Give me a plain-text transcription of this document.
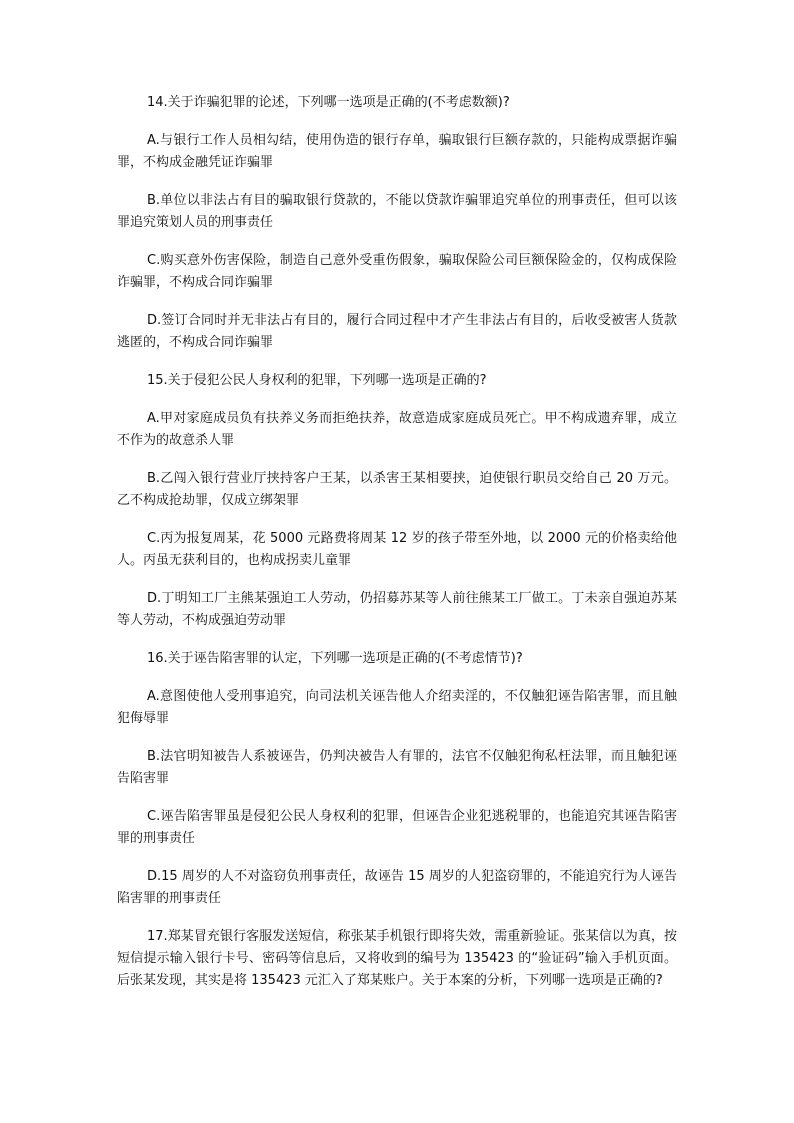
14.关于诈骗犯罪的论述，下列哪一选项是正确的(不考虑数额)?

A.与银行工作人员相勾结，使用伪造的银行存单，骗取银行巨额存款的，只能构成票据诈骗罪，不构成金融凭证诈骗罪

B.单位以非法占有目的骗取银行贷款的，不能以贷款诈骗罪追究单位的刑事责任，但可以该罪追究策划人员的刑事责任

C.购买意外伤害保险，制造自己意外受重伤假象，骗取保险公司巨额保险金的，仅构成保险诈骗罪，不构成合同诈骗罪

D.签订合同时并无非法占有目的，履行合同过程中才产生非法占有目的，后收受被害人货款逃匿的，不构成合同诈骗罪

15.关于侵犯公民人身权利的犯罪，下列哪一选项是正确的?

A.甲对家庭成员负有扶养义务而拒绝扶养，故意造成家庭成员死亡。甲不构成遗弃罪，成立不作为的故意杀人罪

B.乙闯入银行营业厅挟持客户王某，以杀害王某相要挟，迫使银行职员交给自己 20 万元。乙不构成抢劫罪，仅成立绑架罪

C.丙为报复周某，花 5000 元路费将周某 12 岁的孩子带至外地，以 2000 元的价格卖给他人。丙虽无获利目的，也构成拐卖儿童罪

D.丁明知工厂主熊某强迫工人劳动，仍招募苏某等人前往熊某工厂做工。丁未亲自强迫苏某等人劳动，不构成强迫劳动罪

16.关于诬告陷害罪的认定，下列哪一选项是正确的(不考虑情节)?

A.意图使他人受刑事追究，向司法机关诬告他人介绍卖淫的，不仅触犯诬告陷害罪，而且触犯侮辱罪

B.法官明知被告人系被诬告，仍判决被告人有罪的，法官不仅触犯徇私枉法罪，而且触犯诬告陷害罪

C.诬告陷害罪虽是侵犯公民人身权利的犯罪，但诬告企业犯逃税罪的，也能追究其诬告陷害罪的刑事责任

D.15 周岁的人不对盗窃负刑事责任，故诬告 15 周岁的人犯盗窃罪的，不能追究行为人诬告陷害罪的刑事责任

17.郑某冒充银行客服发送短信，称张某手机银行即将失效，需重新验证。张某信以为真，按短信提示输入银行卡号、密码等信息后，又将收到的编号为 135423 的“验证码”输入手机页面。后张某发现，其实是将 135423 元汇入了郑某账户。关于本案的分析，下列哪一选项是正确的?
